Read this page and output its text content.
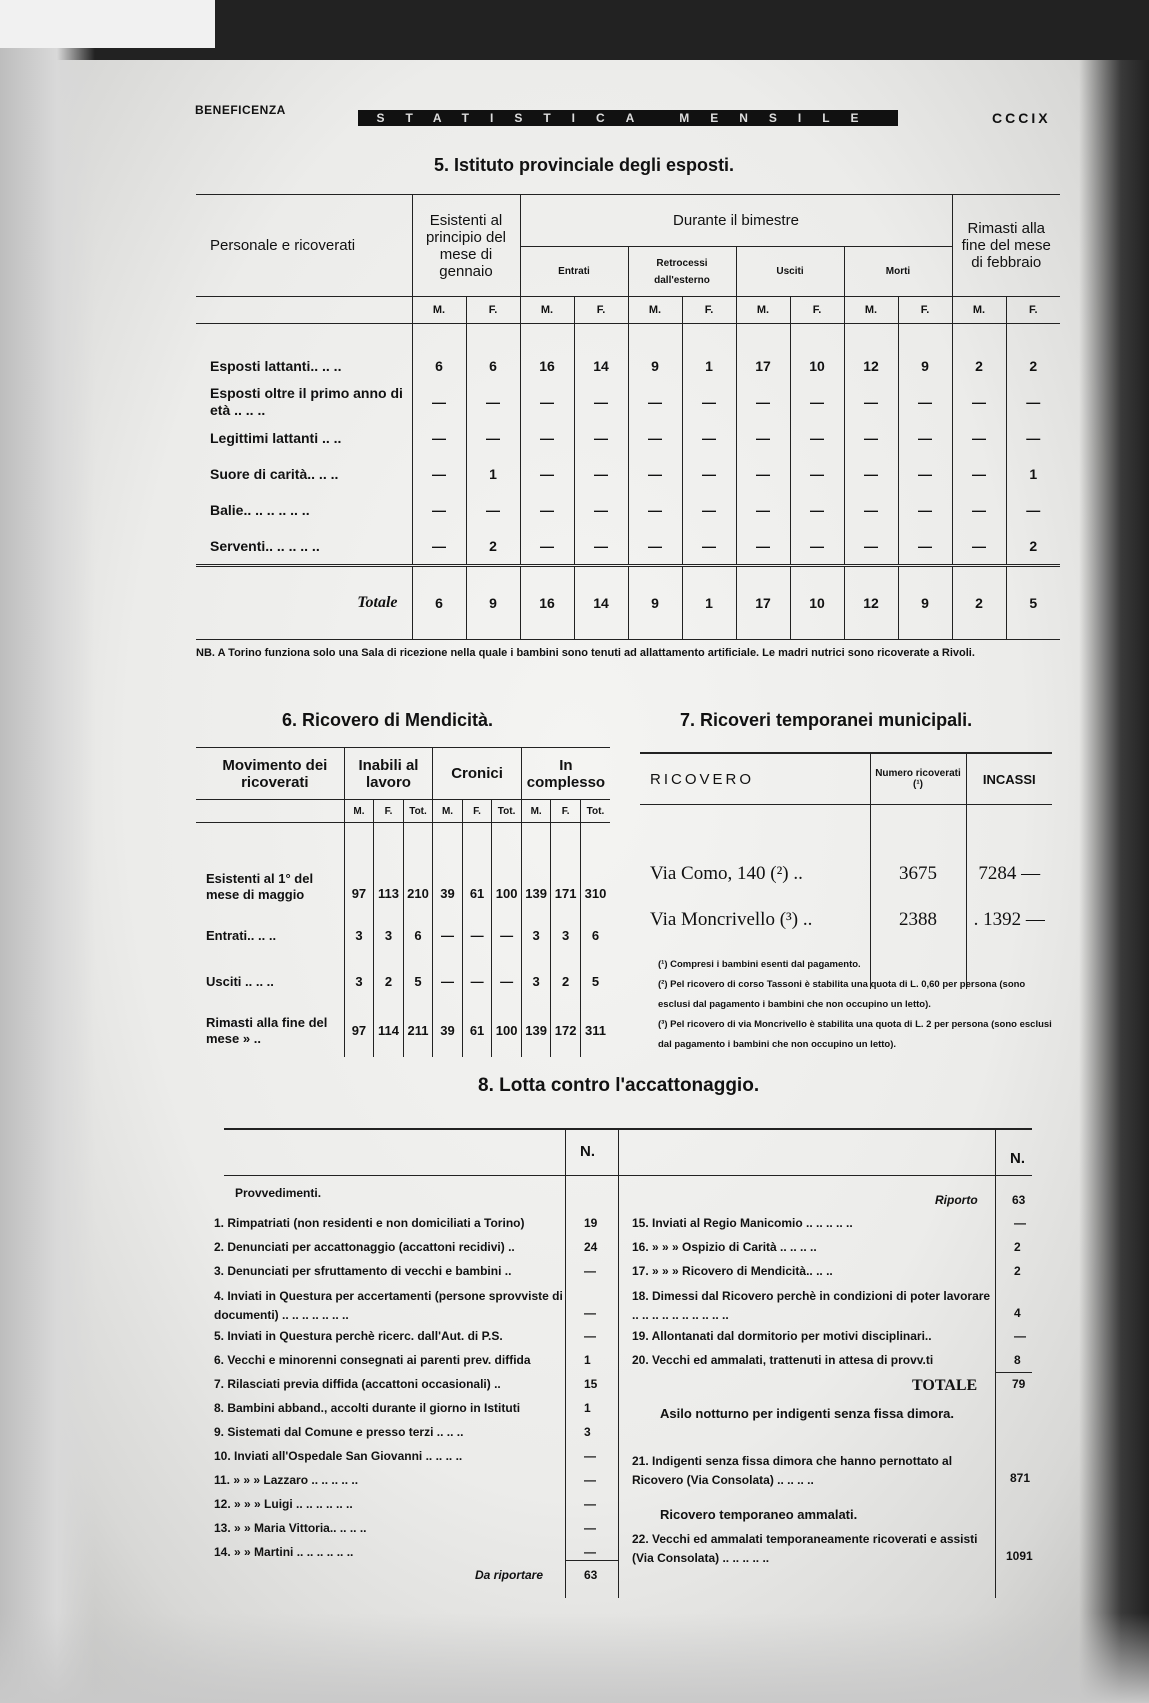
BENEFICENZA
STATISTICA MENSILE	CCCIX
5. Istituto provinciale degli esposti.
Personale e ricoverati	Esistenti al principio del mese di gennaio		Durante il bimestre								Rimasti alla fine del mese di febbraio	
			Entrati		Retrocessi dall'esterno		Usciti		Morti			
	M.	F.	M.	F.	M.	F.	M.	F.	M.	F.	M.	F.

Esposti lattanti.. .. ..	6	6	16	14	9	1	17	10	12	9	2	2
Esposti oltre il primo anno di età .. .. ..	—	—	—	—	—	—	—	—	—	—	—	—
Legittimi lattanti .. ..	—	—	—	—	—	—	—	—	—	—	—	—
Suore di carità.. .. ..	—	1	—	—	—	—	—	—	—	—	—	1
Balie.. .. .. .. .. ..	—	—	—	—	—	—	—	—	—	—	—	—
Serventi.. .. .. .. ..	—	2	—	—	—	—	—	—	—	—	—	2
Totale	6	9	16	14	9	1	17	10	12	9	2	5
NB. A Torino funziona solo una Sala di ricezione nella quale i bambini sono tenuti ad allattamento artificiale. Le madri nutrici sono ricoverate a Rivoli.
6. Ricovero di Mendicità.
Movimento dei ricoverati	Inabili al lavoro			Cronici			In complesso		
	M.	F.	Tot.	M.	F.	Tot.	M.	F.	Tot.

Esistenti al 1° del mese di maggio	97	113	210	39	61	100	139	171	310
Entrati.. .. ..	3	3	6	—	—	—	3	3	6
Usciti .. .. ..	3	2	5	—	—	—	3	2	5
Rimasti alla fine del mese » ..	97	114	211	39	61	100	139	172	311
7. Ricoveri temporanei municipali.
RICOVERO	Numero ricoverati (¹)	INCASSI

Via Como, 140 (²) ..	3675	7284 —
Via Moncrivello (³) ..	2388	. 1392 —

(¹) Compresi i bambini esenti dal pagamento.
(²) Pel ricovero di corso Tassoni è stabilita una quota di L. 0,60 per persona (sono esclusi dal pagamento i bambini che non occupino un letto).
(³) Pel ricovero di via Moncrivello è stabilita una quota di L. 2 per persona (sono esclusi dal pagamento i bambini che non occupino un letto).
8. Lotta contro l'accattonaggio.
N.	N.
Provvedimenti.	Riporto	63
1. Rimpatriati (non residenti e non domiciliati a Torino)	19
2. Denunciati per accattonaggio (accattoni recidivi) ..	24
3. Denunciati per sfruttamento di vecchi e bambini ..	—
4. Inviati in Questura per accertamenti (persone sprovviste di documenti) .. .. .. .. .. .. ..	—
5. Inviati in Questura perchè ricerc. dall'Aut. di P.S.	—
6. Vecchi e minorenni consegnati ai parenti prev. diffida	1
7. Rilasciati previa diffida (accattoni occasionali) ..	15
8. Bambini abband., accolti durante il giorno in Istituti	1
9. Sistemati dal Comune e presso terzi .. .. ..	3
10. Inviati all'Ospedale San Giovanni .. .. .. ..	—
11. » » » Lazzaro .. .. .. .. ..	—
12. » » » Luigi .. .. .. .. .. ..	—
13. » » Maria Vittoria.. .. .. ..	—
14. » » Martini .. .. .. .. .. ..	—
Da riportare	63
15. Inviati al Regio Manicomio .. .. .. .. ..	—
16. » » » Ospizio di Carità .. .. .. ..	2
17. » » » Ricovero di Mendicità.. .. ..	2
18. Dimessi dal Ricovero perchè in condizioni di poter lavorare .. .. .. .. .. .. .. .. .. ..	4
19. Allontanati dal dormitorio per motivi disciplinari..	—
20. Vecchi ed ammalati, trattenuti in attesa di provv.ti	8
TOTALE	79
Asilo notturno per indigenti senza fissa dimora.
21. Indigenti senza fissa dimora che hanno pernottato al Ricovero (Via Consolata) .. .. .. ..	871
Ricovero temporaneo ammalati.
22. Vecchi ed ammalati temporaneamente ricoverati e assisti (Via Consolata) .. .. .. .. ..	1091
